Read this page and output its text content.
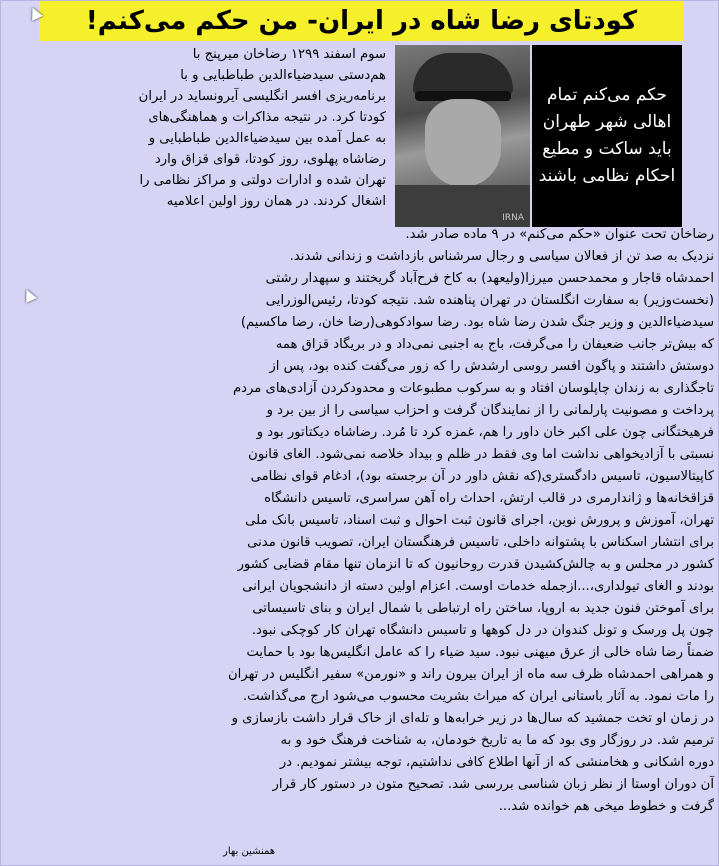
کودتای رضا شاه در ایران- من حکم می‌کنم!
IRNA
حکم می‌کنم تمام اهالی شهر طهران باید ساکت و مطیع احکام نظامی باشند
سوم اسفند ۱۲۹۹ رضاخان میرپنج با
هم‌دستی سیدضیاءالدین طباطبایی و با
برنامه‌ریزی افسر انگلیسی آیرونساید در ایران
کودتا کرد. در نتیجه مذاکرات و هماهنگی‌های
به عمل آمده بین سیدضیاءالدین طباطبایی و
رضاشاه پهلوی، روز کودتا، قوای قزاق وارد
تهران شده و ادارات دولتی و مراکز نظامی را
اشغال کردند. در همان روز اولین اعلامیه
رضاخان تحت عنوان «حکم می‌کنم» در ۹ ماده صادر شد.
نزدیک به صد تن از فعالان سیاسی و رجال سرشناس بازداشت و زندانی شدند.
احمدشاه قاجار و محمدحسن میرزا(ولیعهد) به کاخ فرح‌آباد گریختند و سپهدار رشتی
(نخست‌وزیر) به سفارت انگلستان در تهران پناهنده شد. نتیجه کودتا، رئیس‌الوزرایی
سیدضیاءالدین و وزیر جنگ شدن رضا شاه بود. رضا سوادکوهی(رضا خان، رضا ماکسیم)
که بیش‌تر جانب ضعیفان را می‌گرفت، باج به اجنبی نمی‌داد و در بریگاد قزاق همه
دوستش داشتند و پاگون افسر روسی ارشدش را که زور می‌گفت کنده بود، پس از
تاجگذاری به زندان چاپلوسان افتاد و به سرکوب مطبوعات و محدودکردن آزادی‌های مردم
پرداخت و مصونیت پارلمانی را از نمایندگان گرفت و احزاب سیاسی را از بین برد و
فرهیختگانی چون علی اکبر خان داور را هم، غمزه کرد تا مُرد. رضاشاه دیکتاتور بود و
نسبتی با آزادیخواهی نداشت اما وی فقط در ظلم و بیداد خلاصه نمی‌شود. الغای قانون
کاپیتالاسیون، تاسیس دادگستری(که نقش داور در آن برجسته بود)، ادغام قوای نظامی
قزاقخانه‌ها و ژاندارمری در قالب ارتش، احداث راه آهن سراسری، تاسیس دانشگاه
تهران، آموزش و پرورش نوین، اجرای قانون ثبت احوال و ثبت اسناد، تاسیس بانک ملی
برای انتشار اسکناس با پشتوانه داخلی، تاسیس فرهنگستان ایران، تصویب قانون مدنی
کشور در مجلس و به چالش‌کشیدن قدرت روحانیون که تا انزمان تنها مقام قضایی کشور
بودند و الغای تیولداری،...ازجمله خدمات اوست. اعزام اولین دسته از دانشجویان ایرانی
برای آموختن فنون جدید به اروپا، ساختن راه ارتباطی با شمال ایران و بنای تاسیساتی
چون پل ورسک و تونل کندوان در دل کوهها و تاسیس دانشگاه تهران کار کوچکی نبود.
ضمناً رضا شاه خالی از عرق میهنی نبود. سید ضیاء را که عامل انگلیس‌ها بود با حمایت
و همراهی احمدشاه ظرف سه ماه از ایران بیرون راند و «نورمن» سفیر انگلیس در تهران
را مات نمود. به آثار باستانی ایران که میراث بشریت محسوب می‌شود ارج می‌گذاشت.
در زمان او تخت جمشید که سال‌ها در زیر خرابه‌ها و تله‌ای از خاک قرار داشت بازسازی و
ترمیم شد. در روزگار وی بود که ما به تاریخ خودمان، به شناخت فرهنگ خود و به
دوره اشکانی و هخامنشی که از آنها اطلاع کافی نداشتیم، توجه بیشتر نمودیم. در
آن دوران اوستا از نظر زبان شناسی بررسی شد. تصحیح متون در دستور کار قرار
گرفت و خطوط میخی هم خوانده شد...
همنشین بهار
